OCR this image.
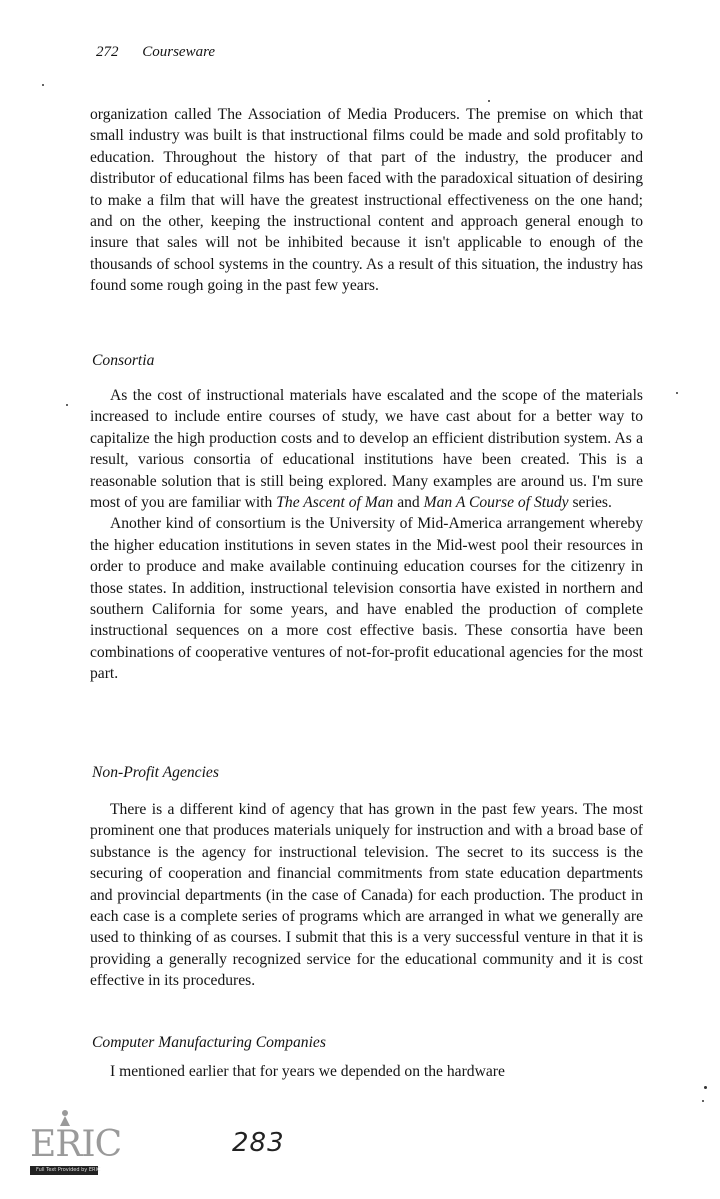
272 Courseware

organization called The Association of Media Producers. The premise on which that small industry was built is that instructional films could be made and sold profitably to education. Throughout the history of that part of the industry, the producer and distributor of educational films has been faced with the paradoxical situation of desiring to make a film that will have the greatest instructional effectiveness on the one hand; and on the other, keeping the instructional content and approach general enough to insure that sales will not be inhibited because it isn't applicable to enough of the thousands of school systems in the country. As a result of this situation, the industry has found some rough going in the past few years.

Consortia

As the cost of instructional materials have escalated and the scope of the materials increased to include entire courses of study, we have cast about for a better way to capitalize the high production costs and to develop an efficient distribution system. As a result, various consortia of educational institutions have been created. This is a reasonable solution that is still being explored. Many examples are around us. I'm sure most of you are familiar with The Ascent of Man and Man A Course of Study series.

Another kind of consortium is the University of Mid-America arrangement whereby the higher education institutions in seven states in the Mid-west pool their resources in order to produce and make available continuing education courses for the citizenry in those states. In addition, instructional television consortia have existed in northern and southern California for some years, and have enabled the production of complete instructional sequences on a more cost effective basis. These consortia have been combinations of cooperative ventures of not-for-profit educational agencies for the most part.

Non-Profit Agencies

There is a different kind of agency that has grown in the past few years. The most prominent one that produces materials uniquely for instruction and with a broad base of substance is the agency for instructional television. The secret to its success is the securing of cooperation and financial commitments from state education departments and provincial departments (in the case of Canada) for each production. The product in each case is a complete series of programs which are arranged in what we generally are used to thinking of as courses. I submit that this is a very successful venture in that it is providing a generally recognized service for the educational community and it is cost effective in its procedures.

Computer Manufacturing Companies

I mentioned earlier that for years we depended on the hardware

ERIC
Full Text Provided by ERIC
283
